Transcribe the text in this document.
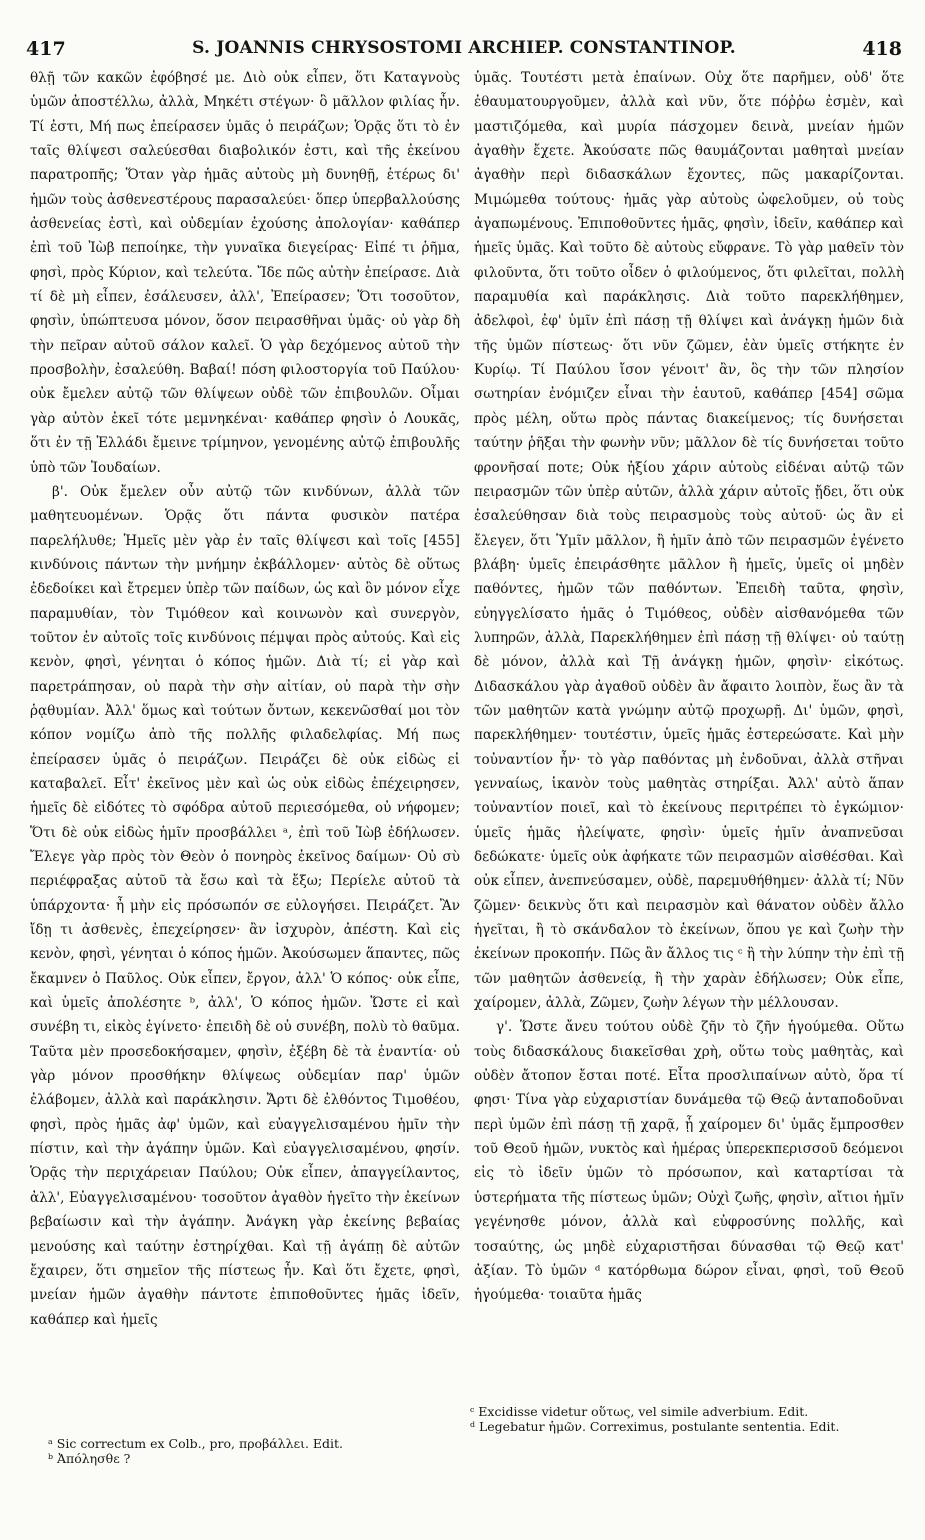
417	S. JOANNIS CHRYSOSTOMI ARCHIEP. CONSTANTINOP.	418

θλῇ τῶν κακῶν ἐφόβησέ με. Διὸ οὐκ εἶπεν, ὅτι Καταγνοὺς ὑμῶν ἀποστέλλω, ἀλλὰ, Μηκέτι στέγων· ὃ μᾶλλον φιλίας ἦν. Τί ἐστι, Μή πως ἐπείρασεν ὑμᾶς ὁ πειράζων; Ὁρᾷς ὅτι τὸ ἐν ταῖς θλίψεσι σαλεύεσθαι διαβολικόν ἐστι, καὶ τῆς ἐκείνου παρατροπῆς; Ὅταν γὰρ ἡμᾶς αὐτοὺς μὴ δυνηθῇ, ἑτέρως δι' ἡμῶν τοὺς ἀσθενεστέρους παρασαλεύει· ὅπερ ὑπερβαλλούσης ἀσθενείας ἐστὶ, καὶ οὐδεμίαν ἐχούσης ἀπολογίαν· καθάπερ ἐπὶ τοῦ Ἰὼβ πεποίηκε, τὴν γυναῖκα διεγείρας· Εἰπέ τι ῥῆμα, φησὶ, πρὸς Κύριον, καὶ τελεύτα. Ἴδε πῶς αὐτὴν ἐπείρασε. Διὰ τί δὲ μὴ εἶπεν, ἐσάλευσεν, ἀλλ', Ἐπείρασεν; Ὅτι τοσοῦτον, φησὶν, ὑπώπτευσα μόνον, ὅσον πειρασθῆναι ὑμᾶς· οὐ γὰρ δὴ τὴν πεῖραν αὐτοῦ σάλον καλεῖ. Ὁ γὰρ δεχόμενος αὐτοῦ τὴν προσβολὴν, ἐσαλεύθη. Βαβαί! πόση φιλοστοργία τοῦ Παύλου· οὐκ ἔμελεν αὐτῷ τῶν θλίψεων οὐδὲ τῶν ἐπιβουλῶν. Οἶμαι γὰρ αὐτὸν ἐκεῖ τότε μεμνηκέναι· καθάπερ φησὶν ὁ Λουκᾶς, ὅτι ἐν τῇ Ἑλλάδι ἔμεινε τρίμηνον, γενομένης αὐτῷ ἐπιβουλῆς ὑπὸ τῶν Ἰουδαίων.

β'. Οὐκ ἔμελεν οὖν αὐτῷ τῶν κινδύνων, ἀλλὰ τῶν μαθητευομένων. Ὁρᾷς ὅτι πάντα φυσικὸν πατέρα παρελήλυθε; Ἡμεῖς μὲν γὰρ ἐν ταῖς θλίψεσι καὶ τοῖς [455] κινδύνοις πάντων τὴν μνήμην ἐκβάλλομεν· αὐτὸς δὲ οὕτως ἐδεδοίκει καὶ ἔτρεμεν ὑπὲρ τῶν παίδων, ὡς καὶ ὃν μόνον εἶχε παραμυθίαν, τὸν Τιμόθεον καὶ κοινωνὸν καὶ συνεργὸν, τοῦτον ἐν αὐτοῖς τοῖς κινδύνοις πέμψαι πρὸς αὐτούς. Καὶ εἰς κενὸν, φησὶ, γένηται ὁ κόπος ἡμῶν. Διὰ τί; εἰ γὰρ καὶ παρετράπησαν, οὐ παρὰ τὴν σὴν αἰτίαν, οὐ παρὰ τὴν σὴν ῥᾳθυμίαν. Ἀλλ' ὅμως καὶ τούτων ὄντων, κεκενῶσθαί μοι τὸν κόπον νομίζω ἀπὸ τῆς πολλῆς φιλαδελφίας. Μή πως ἐπείρασεν ὑμᾶς ὁ πειράζων. Πειράζει δὲ οὐκ εἰδὼς εἰ καταβαλεῖ. Εἶτ' ἐκεῖνος μὲν καὶ ὡς οὐκ εἰδὼς ἐπέχειρησεν, ἡμεῖς δὲ εἰδότες τὸ σφόδρα αὐτοῦ περιεσόμεθα, οὐ νήφομεν; Ὅτι δὲ οὐκ εἰδὼς ἡμῖν προσβάλλει ᵃ, ἐπὶ τοῦ Ἰὼβ ἐδήλωσεν. Ἔλεγε γὰρ πρὸς τὸν Θεὸν ὁ πονηρὸς ἐκεῖνος δαίμων· Οὐ σὺ περιέφραξας αὐτοῦ τὰ ἔσω καὶ τὰ ἔξω; Περίελε αὐτοῦ τὰ ὑπάρχοντα· ἦ μὴν εἰς πρόσωπόν σε εὐλογήσει. Πειράζετ. Ἂν ἴδῃ τι ἀσθενὲς, ἐπεχείρησεν· ἂν ἰσχυρὸν, ἀπέστη. Καὶ εἰς κενὸν, φησὶ, γένηται ὁ κόπος ἡμῶν. Ἀκούσωμεν ἅπαντες, πῶς ἔκαμνεν ὁ Παῦλος. Οὐκ εἶπεν, ἔργον, ἀλλ' Ὁ κόπος· οὐκ εἶπε, καὶ ὑμεῖς ἀπολέσητε ᵇ, ἀλλ', Ὁ κόπος ἡμῶν. Ὥστε εἰ καὶ συνέβη τι, εἰκὸς ἐγίνετο· ἐπειδὴ δὲ οὐ συνέβη, πολὺ τὸ θαῦμα. Ταῦτα μὲν προσεδοκήσαμεν, φησὶν, ἐξέβη δὲ τὰ ἐναντία· οὐ γὰρ μόνον προσθήκην θλίψεως οὐδεμίαν παρ' ὑμῶν ἐλάβομεν, ἀλλὰ καὶ παράκλησιν. Ἄρτι δὲ ἐλθόντος Τιμοθέου, φησὶ, πρὸς ἡμᾶς ἀφ' ὑμῶν, καὶ εὐαγγελισαμένου ἡμῖν τὴν πίστιν, καὶ τὴν ἀγάπην ὑμῶν. Καὶ εὐαγγελισαμένου, φησίν. Ὁρᾷς τὴν περιχάρειαν Παύλου; Οὐκ εἶπεν, ἀπαγγείλαντος, ἀλλ', Εὐαγγελισαμένου· τοσοῦτον ἀγαθὸν ἡγεῖτο τὴν ἐκείνων βεβαίωσιν καὶ τὴν ἀγάπην. Ἀνάγκη γὰρ ἐκείνης βεβαίας μενούσης καὶ ταύτην ἐστηρίχθαι. Καὶ τῇ ἀγάπῃ δὲ αὐτῶν ἔχαιρεν, ὅτι σημεῖον τῆς πίστεως ἦν. Καὶ ὅτι ἔχετε, φησὶ, μνείαν ἡμῶν ἀγαθὴν πάντοτε ἐπιποθοῦντες ἡμᾶς ἰδεῖν, καθάπερ καὶ ἡμεῖς

ὑμᾶς. Τουτέστι μετὰ ἐπαίνων. Οὐχ ὅτε παρῆμεν, οὐδ' ὅτε ἐθαυματουργοῦμεν, ἀλλὰ καὶ νῦν, ὅτε πόῤῥω ἐσμὲν, καὶ μαστιζόμεθα, καὶ μυρία πάσχομεν δεινὰ, μνείαν ἡμῶν ἀγαθὴν ἔχετε. Ἀκούσατε πῶς θαυμάζονται μαθηταὶ μνείαν ἀγαθὴν περὶ διδασκάλων ἔχοντες, πῶς μακαρίζονται. Μιμώμεθα τούτους· ἡμᾶς γὰρ αὐτοὺς ὠφελοῦμεν, οὐ τοὺς ἀγαπωμένους. Ἐπιποθοῦντες ἡμᾶς, φησὶν, ἰδεῖν, καθάπερ καὶ ἡμεῖς ὑμᾶς. Καὶ τοῦτο δὲ αὐτοὺς εὔφρανε. Τὸ γὰρ μαθεῖν τὸν φιλοῦντα, ὅτι τοῦτο οἶδεν ὁ φιλούμενος, ὅτι φιλεῖται, πολλὴ παραμυθία καὶ παράκλησις. Διὰ τοῦτο παρεκλήθημεν, ἀδελφοὶ, ἐφ' ὑμῖν ἐπὶ πάσῃ τῇ θλίψει καὶ ἀνάγκῃ ἡμῶν διὰ τῆς ὑμῶν πίστεως· ὅτι νῦν ζῶμεν, ἐὰν ὑμεῖς στήκητε ἐν Κυρίῳ. Τί Παύλου ἴσον γένοιτ' ἂν, ὃς τὴν τῶν πλησίον σωτηρίαν ἐνόμιζεν εἶναι τὴν ἑαυτοῦ, καθάπερ [454] σῶμα πρὸς μέλη, οὕτω πρὸς πάντας διακείμενος; τίς δυνήσεται ταύτην ῥῆξαι τὴν φωνὴν νῦν; μᾶλλον δὲ τίς δυνήσεται τοῦτο φρονῆσαί ποτε; Οὐκ ἠξίου χάριν αὐτοὺς εἰδέναι αὐτῷ τῶν πειρασμῶν τῶν ὑπὲρ αὐτῶν, ἀλλὰ χάριν αὐτοῖς ᾔδει, ὅτι οὐκ ἐσαλεύθησαν διὰ τοὺς πειρασμοὺς τοὺς αὐτοῦ· ὡς ἂν εἰ ἔλεγεν, ὅτι Ὑμῖν μᾶλλον, ἢ ἡμῖν ἀπὸ τῶν πειρασμῶν ἐγένετο βλάβη· ὑμεῖς ἐπειράσθητε μᾶλλον ἢ ἡμεῖς, ὑμεῖς οἱ μηδὲν παθόντες, ἡμῶν τῶν παθόντων. Ἐπειδὴ ταῦτα, φησὶν, εὐηγγελίσατο ἡμᾶς ὁ Τιμόθεος, οὐδὲν αἰσθανόμεθα τῶν λυπηρῶν, ἀλλὰ, Παρεκλήθημεν ἐπὶ πάσῃ τῇ θλίψει· οὐ ταύτῃ δὲ μόνον, ἀλλὰ καὶ Τῇ ἀνάγκῃ ἡμῶν, φησὶν· εἰκότως. Διδασκάλου γὰρ ἀγαθοῦ οὐδὲν ἂν ἄφαιτο λοιπὸν, ἕως ἂν τὰ τῶν μαθητῶν κατὰ γνώμην αὐτῷ προχωρῇ. Δι' ὑμῶν, φησὶ, παρεκλήθημεν· τουτέστιν, ὑμεῖς ἡμᾶς ἐστερεώσατε. Καὶ μὴν τοὐναντίον ἦν· τὸ γὰρ παθόντας μὴ ἐνδοῦναι, ἀλλὰ στῆναι γενναίως, ἱκανὸν τοὺς μαθητὰς στηρίξαι. Ἀλλ' αὐτὸ ἅπαν τοὐναντίον ποιεῖ, καὶ τὸ ἐκείνους περιτρέπει τὸ ἐγκώμιον· ὑμεῖς ἡμᾶς ἠλείψατε, φησὶν· ὑμεῖς ἡμῖν ἀναπνεῦσαι δεδώκατε· ὑμεῖς οὐκ ἀφήκατε τῶν πειρασμῶν αἰσθέσθαι. Καὶ οὐκ εἶπεν, ἀνεπνεύσαμεν, οὐδὲ, παρεμυθήθημεν· ἀλλὰ τί; Νῦν ζῶμεν· δεικνὺς ὅτι καὶ πειρασμὸν καὶ θάνατον οὐδὲν ἄλλο ἡγεῖται, ἢ τὸ σκάνδαλον τὸ ἐκείνων, ὅπου γε καὶ ζωὴν τὴν ἐκείνων προκοπήν. Πῶς ἂν ἄλλος τις ᶜ ἢ τὴν λύπην τὴν ἐπὶ τῇ τῶν μαθητῶν ἀσθενείᾳ, ἢ τὴν χαρὰν ἐδήλωσεν; Οὐκ εἶπε, χαίρομεν, ἀλλὰ, Ζῶμεν, ζωὴν λέγων τὴν μέλλουσαν.

γ'. Ὥστε ἄνευ τούτου οὐδὲ ζῆν τὸ ζῆν ἡγούμεθα. Οὕτω τοὺς διδασκάλους διακεῖσθαι χρὴ, οὕτω τοὺς μαθητὰς, καὶ οὐδὲν ἄτοπον ἔσται ποτέ. Εἶτα προσλιπαίνων αὐτὸ, ὅρα τί φησι· Τίνα γὰρ εὐχαριστίαν δυνάμεθα τῷ Θεῷ ἀνταποδοῦναι περὶ ὑμῶν ἐπὶ πάσῃ τῇ χαρᾷ, ᾗ χαίρομεν δι' ὑμᾶς ἔμπροσθεν τοῦ Θεοῦ ἡμῶν, νυκτὸς καὶ ἡμέρας ὑπερεκπερισσοῦ δεόμενοι εἰς τὸ ἰδεῖν ὑμῶν τὸ πρόσωπον, καὶ καταρτίσαι τὰ ὑστερήματα τῆς πίστεως ὑμῶν; Οὐχὶ ζωῆς, φησὶν, αἴτιοι ἡμῖν γεγένησθε μόνον, ἀλλὰ καὶ εὐφροσύνης πολλῆς, καὶ τοσαύτης, ὡς μηδὲ εὐχαριστῆσαι δύνασθαι τῷ Θεῷ κατ' ἀξίαν. Τὸ ὑμῶν ᵈ κατόρθωμα δώρον εἶναι, φησὶ, τοῦ Θεοῦ ἡγούμεθα· τοιαῦτα ἡμᾶς

ᵃ Sic correctum ex Colb., pro, προβάλλει. Edit.
ᵇ Ἀπόλησθε ?
ᶜ Excidisse videtur οὕτως, vel simile adverbium. Edit.
ᵈ Legebatur ἡμῶν. Correximus, postulante sententia. Edit.
